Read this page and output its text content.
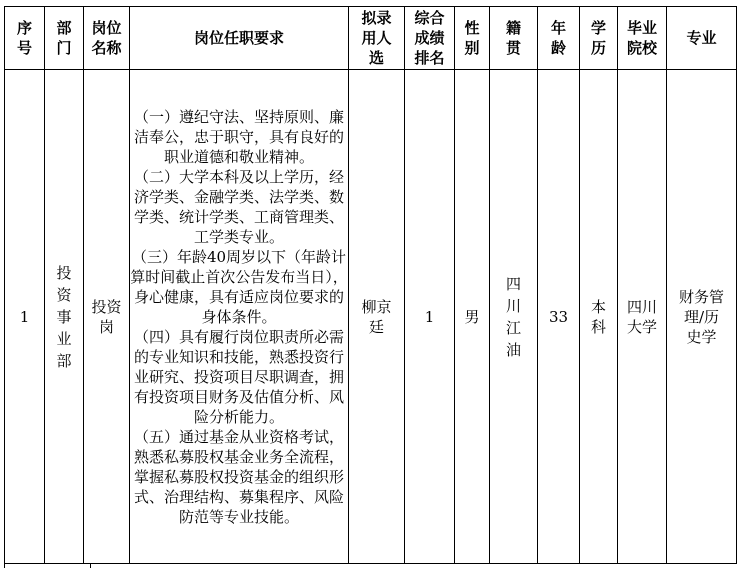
序号	部门	岗位名称	岗位任职要求	拟录用人选	综合成绩排名	性别	籍贯	年龄	学历	毕业院校	专业

1	投资事业部	投资岗	（一）遵纪守法、坚持原则、廉洁奉公，忠于职守，具有良好的职业道德和敬业精神。

（二）大学本科及以上学历，经济学类、金融学类、法学类、数学类、统计学类、工商管理类、工学类专业。

（三）年龄40周岁以下（年龄计算时间截止首次公告发布当日），身心健康，具有适应岗位要求的身体条件。

（四）具有履行岗位职责所必需的专业知识和技能，熟悉投资行业研究、投资项目尽职调查，拥有投资项目财务及估值分析、风险分析能力。

（五）通过基金从业资格考试，熟悉私募股权基金业务全流程，掌握私募股权投资基金的组织形式、治理结构、募集程序、风险防范等专业技能。	柳京廷	1	男	四川江油	33	本科	四川大学	财务管理/历史学
